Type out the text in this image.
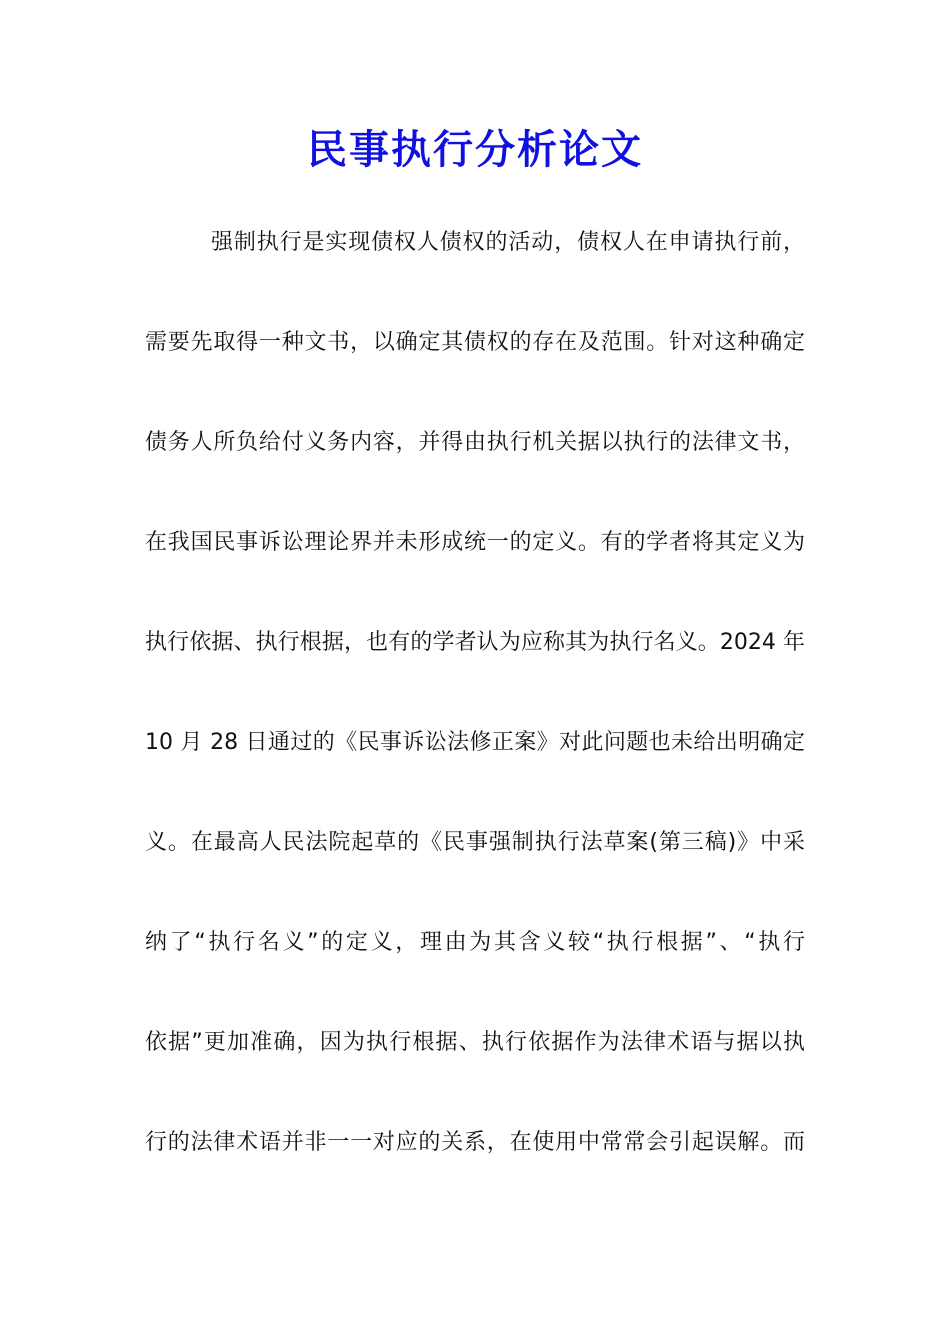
民事执行分析论文
强制执行是实现债权人债权的活动，债权人在申请执行前，
需要先取得一种文书，以确定其债权的存在及范围。针对这种确定
债务人所负给付义务内容，并得由执行机关据以执行的法律文书，
在我国民事诉讼理论界并未形成统一的定义。有的学者将其定义为
执行依据、执行根据，也有的学者认为应称其为执行名义。2024 年
10 月 28 日通过的《民事诉讼法修正案》对此问题也未给出明确定
义。在最高人民法院起草的《民事强制执行法草案(第三稿)》中采
纳了“执行名义”的定义，理由为其含义较“执行根据”、“执行
依据”更加准确，因为执行根据、执行依据作为法律术语与据以执
行的法律术语并非一一对应的关系，在使用中常常会引起误解。而
